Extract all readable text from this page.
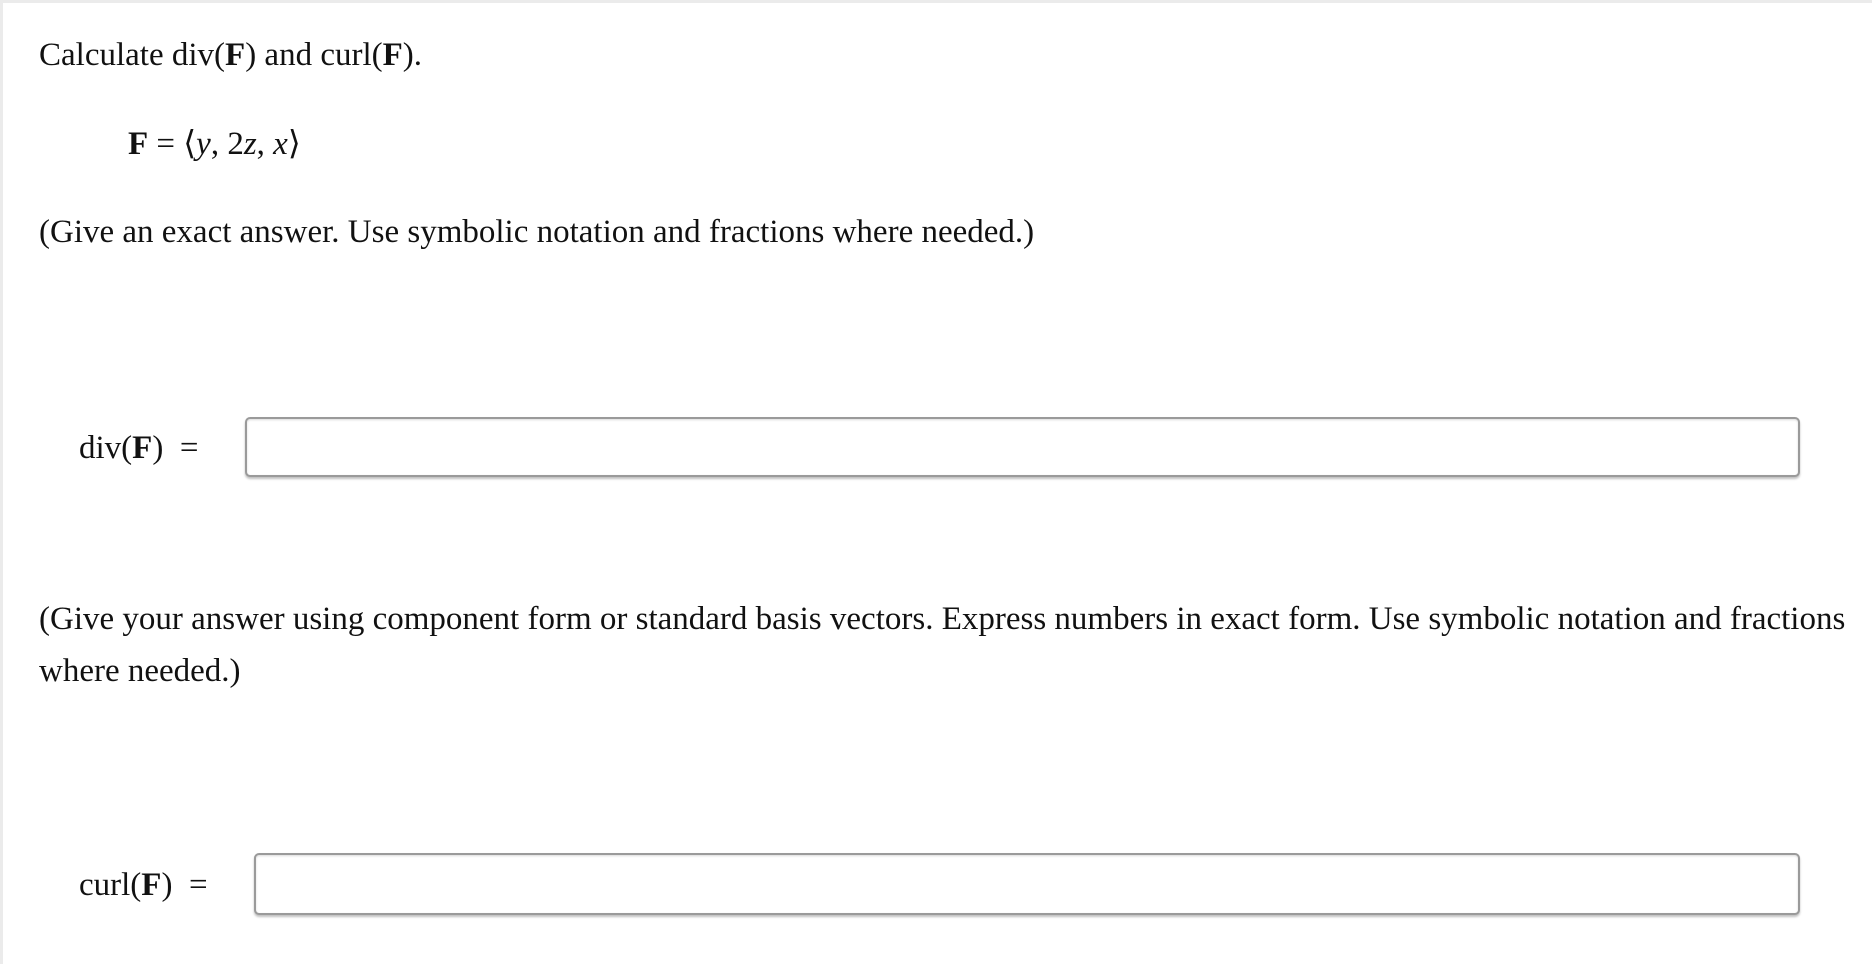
Calculate div(F) and curl(F).
F = ⟨y, 2z, x⟩
(Give an exact answer. Use symbolic notation and fractions where needed.)
div(F)  =
(Give your answer using component form or standard basis vectors. Express numbers in exact form. Use symbolic notation and fractions where needed.)
curl(F)  =
